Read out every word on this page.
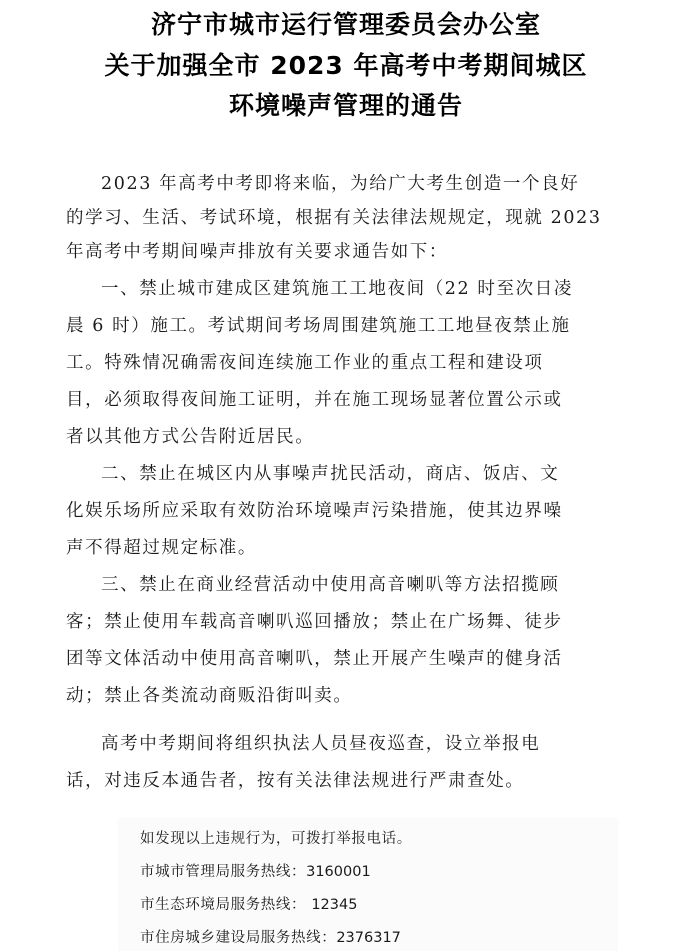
济宁市城市运行管理委员会办公室
关于加强全市 2023 年高考中考期间城区
环境噪声管理的通告
2023 年高考中考即将来临，为给广大考生创造一个良好
的学习、生活、考试环境，根据有关法律法规规定，现就 2023
年高考中考期间噪声排放有关要求通告如下：
一、禁止城市建成区建筑施工工地夜间（22 时至次日凌
晨 6 时）施工。考试期间考场周围建筑施工工地昼夜禁止施
工。特殊情况确需夜间连续施工作业的重点工程和建设项
目，必须取得夜间施工证明，并在施工现场显著位置公示或
者以其他方式公告附近居民。
二、禁止在城区内从事噪声扰民活动，商店、饭店、文
化娱乐场所应采取有效防治环境噪声污染措施，使其边界噪
声不得超过规定标准。
三、禁止在商业经营活动中使用高音喇叭等方法招揽顾
客；禁止使用车载高音喇叭巡回播放；禁止在广场舞、徒步
团等文体活动中使用高音喇叭，禁止开展产生噪声的健身活
动；禁止各类流动商贩沿街叫卖。
高考中考期间将组织执法人员昼夜巡查，设立举报电
话，对违反本通告者，按有关法律法规进行严肃查处。
如发现以上违规行为，可拨打举报电话。
市城市管理局服务热线：3160001
市生态环境局服务热线： 12345
市住房城乡建设局服务热线：2376317
